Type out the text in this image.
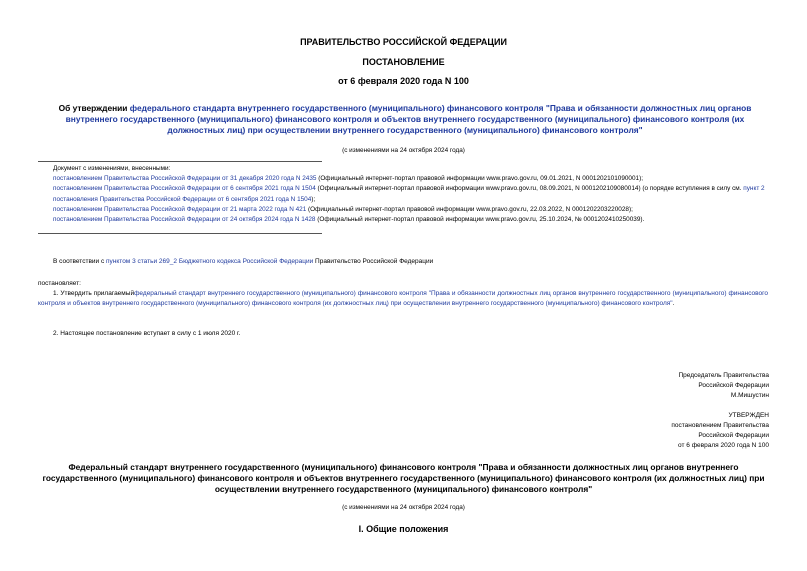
ПРАВИТЕЛЬСТВО РОССИЙСКОЙ ФЕДЕРАЦИИ
ПОСТАНОВЛЕНИЕ
от 6 февраля 2020 года N 100
Об утверждении федерального стандарта внутреннего государственного (муниципального) финансового контроля "Права и обязанности должностных лиц органов внутреннего государственного (муниципального) финансового контроля и объектов внутреннего государственного (муниципального) финансового контроля (их должностных лиц) при осуществлении внутреннего государственного (муниципального) финансового контроля"
(с изменениями на 24 октября 2024 года)
Документ с изменениями, внесенными:
постановлением Правительства Российской Федерации от 31 декабря 2020 года N 2435 (Официальный интернет-портал правовой информации www.pravo.gov.ru, 09.01.2021, N 0001202101090001);
постановлением Правительства Российской Федерации от 6 сентября 2021 года N 1504 (Официальный интернет-портал правовой информации www.pravo.gov.ru, 08.09.2021, N 0001202109080014) (о порядке вступления в силу см. пункт 2 постановления Правительства Российской Федерации от 6 сентября 2021 года N 1504);
постановлением Правительства Российской Федерации от 21 марта 2022 года N 421 (Официальный интернет-портал правовой информации www.pravo.gov.ru, 22.03.2022, N 0001202203220028);
постановлением Правительства Российской Федерации от 24 октября 2024 года N 1428 (Официальный интернет-портал правовой информации www.pravo.gov.ru, 25.10.2024, № 0001202410250039).
В соответствии с пунктом 3 статьи 269_2 Бюджетного кодекса Российской Федерации Правительство Российской Федерации
постановляет:
1. Утвердить прилагаемыйфедеральный стандарт внутреннего государственного (муниципального) финансового контроля "Права и обязанности должностных лиц органов внутреннего государственного (муниципального) финансового контроля и объектов внутреннего государственного (муниципального) финансового контроля (их должностных лиц) при осуществлении внутреннего государственного (муниципального) финансового контроля".
2. Настоящее постановление вступает в силу с 1 июля 2020 г.
Председатель Правительства
Российской Федерации
М.Мишустин
УТВЕРЖДЕН
постановлением Правительства
Российской Федерации
от 6 февраля 2020 года N 100
Федеральный стандарт внутреннего государственного (муниципального) финансового контроля "Права и обязанности должностных лиц органов внутреннего государственного (муниципального) финансового контроля и объектов внутреннего государственного (муниципального) финансового контроля (их должностных лиц) при осуществлении внутреннего государственного (муниципального) финансового контроля"
(с изменениями на 24 октября 2024 года)
I. Общие положения
